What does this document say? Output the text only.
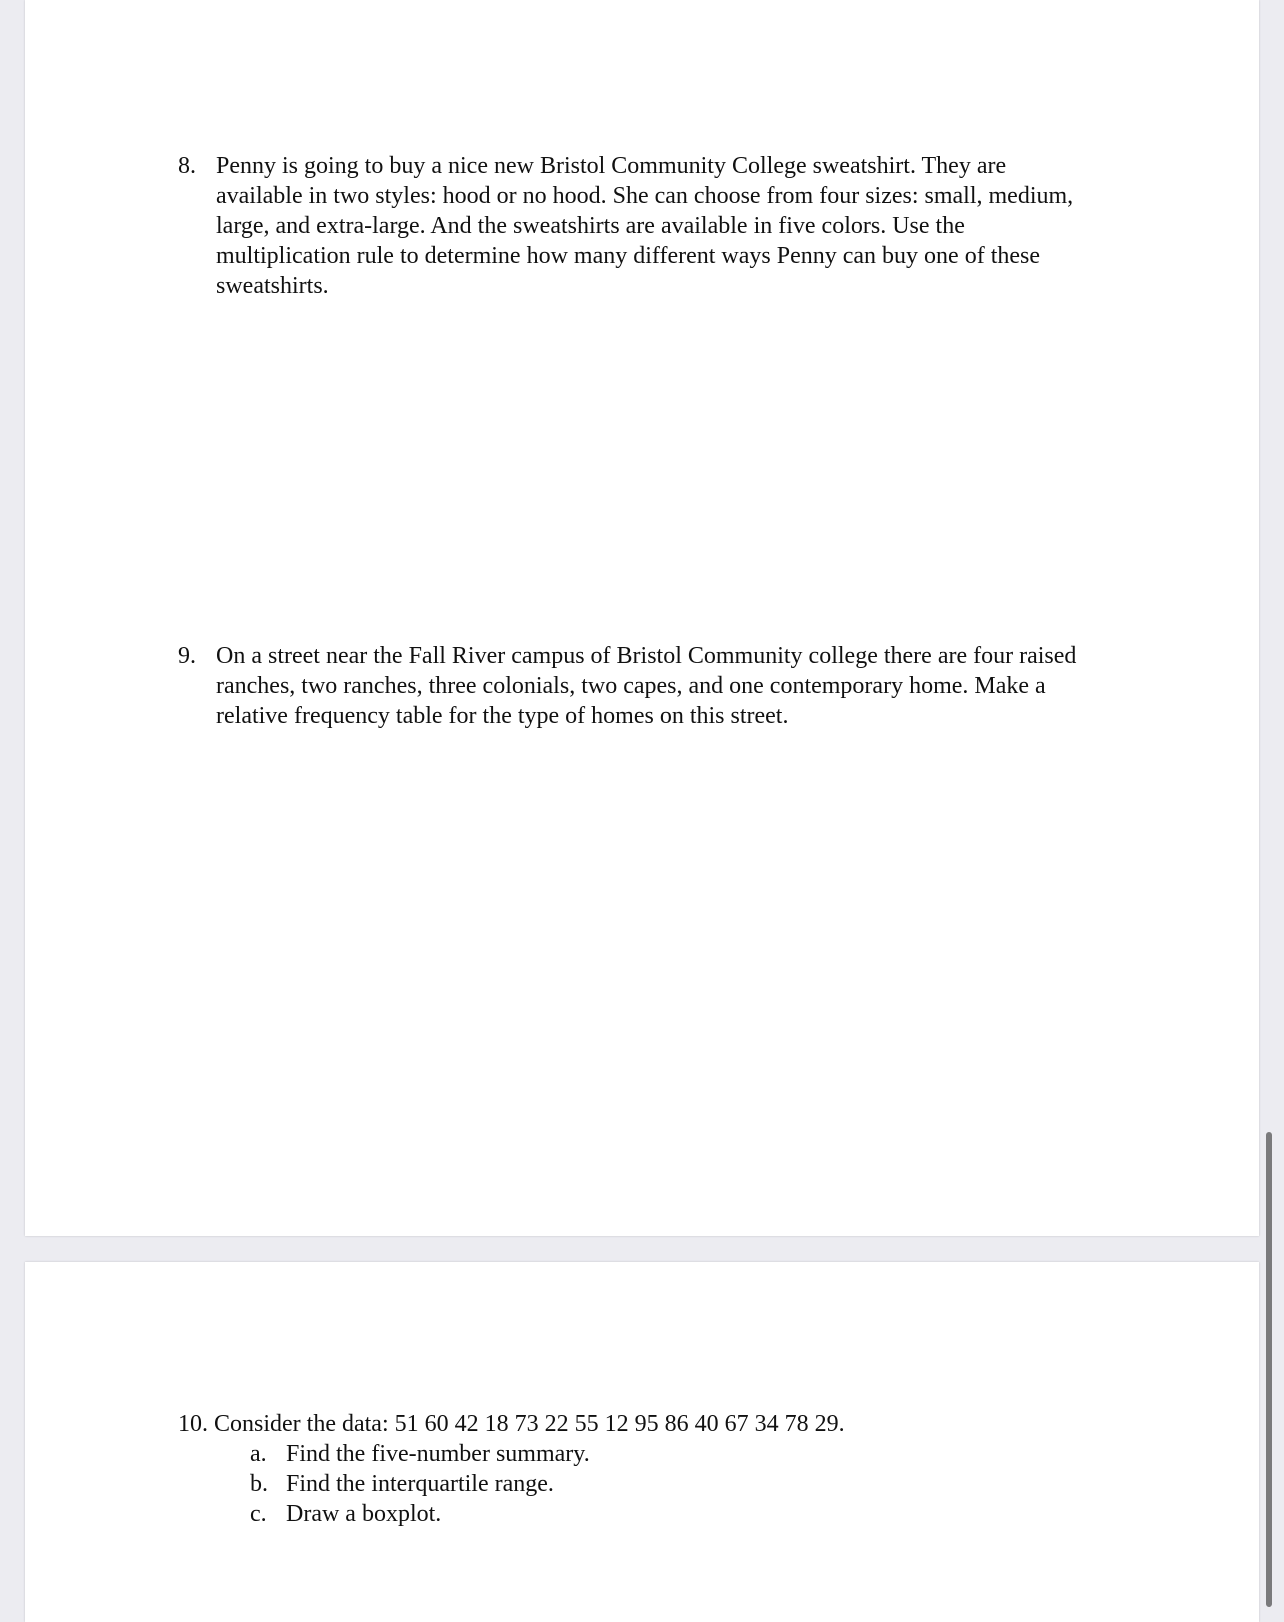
8. Penny is going to buy a nice new Bristol Community College sweatshirt. They are
available in two styles: hood or no hood. She can choose from four sizes: small, medium,
large, and extra-large. And the sweatshirts are available in five colors. Use the
multiplication rule to determine how many different ways Penny can buy one of these
sweatshirts.
9. On a street near the Fall River campus of Bristol Community college there are four raised
ranches, two ranches, three colonials, two capes, and one contemporary home. Make a
relative frequency table for the type of homes on this street.
10. Consider the data: 51 60 42 18 73 22 55 12 95 86 40 67 34 78 29.
a. Find the five-number summary.
b. Find the interquartile range.
c. Draw a boxplot.
